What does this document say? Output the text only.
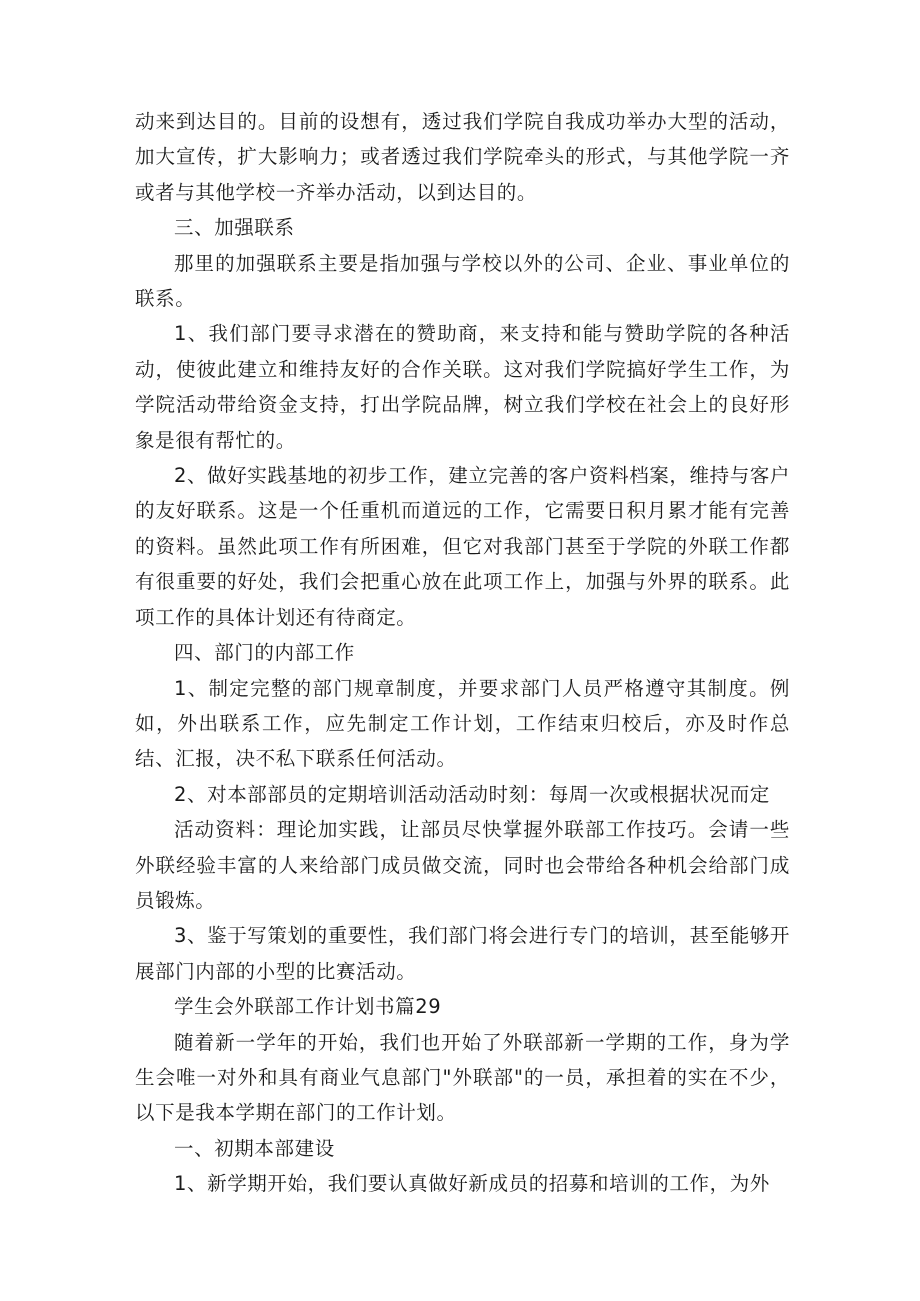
动来到达目的。目前的设想有，透过我们学院自我成功举办大型的活动，加大宣传，扩大影响力；或者透过我们学院牵头的形式，与其他学院一齐或者与其他学校一齐举办活动，以到达目的。

三、加强联系

那里的加强联系主要是指加强与学校以外的公司、企业、事业单位的联系。

1、我们部门要寻求潜在的赞助商，来支持和能与赞助学院的各种活动，使彼此建立和维持友好的合作关联。这对我们学院搞好学生工作，为学院活动带给资金支持，打出学院品牌，树立我们学校在社会上的良好形象是很有帮忙的。

2、做好实践基地的初步工作，建立完善的客户资料档案，维持与客户的友好联系。这是一个任重机而道远的工作，它需要日积月累才能有完善的资料。虽然此项工作有所困难，但它对我部门甚至于学院的外联工作都有很重要的好处，我们会把重心放在此项工作上，加强与外界的联系。此项工作的具体计划还有待商定。

四、部门的内部工作

1、制定完整的部门规章制度，并要求部门人员严格遵守其制度。例如，外出联系工作，应先制定工作计划，工作结束归校后，亦及时作总结、汇报，决不私下联系任何活动。

2、对本部部员的定期培训活动活动时刻：每周一次或根据状况而定

活动资料：理论加实践，让部员尽快掌握外联部工作技巧。会请一些外联经验丰富的人来给部门成员做交流，同时也会带给各种机会给部门成员锻炼。

3、鉴于写策划的重要性，我们部门将会进行专门的培训，甚至能够开展部门内部的小型的比赛活动。

学生会外联部工作计划书篇29

随着新一学年的开始，我们也开始了外联部新一学期的工作，身为学生会唯一对外和具有商业气息部门"外联部"的一员，承担着的实在不少，以下是我本学期在部门的工作计划。

一、初期本部建设

1、新学期开始，我们要认真做好新成员的招募和培训的工作，为外
